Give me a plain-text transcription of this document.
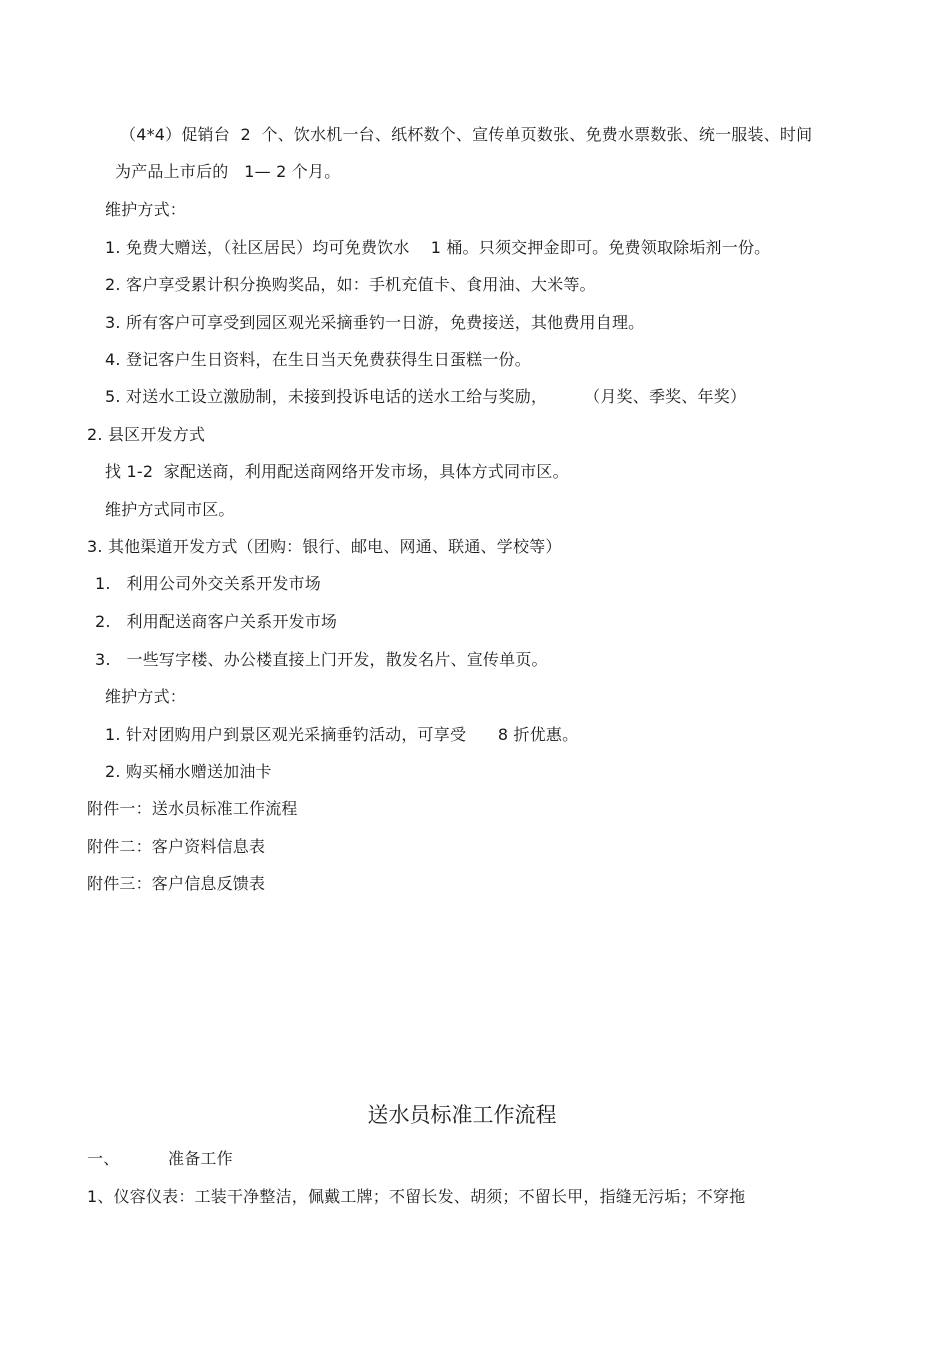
（4*4）促销台  2  个、饮水机一台、纸杯数个、宣传单页数张、免费水票数张、统一服装、时间
为产品上市后的   1— 2 个月。
维护方式：
1. 免费大赠送，（社区居民）均可免费饮水    1 桶。只须交押金即可。免费领取除垢剂一份。
2. 客户享受累计积分换购奖品，如：手机充值卡、食用油、大米等。
3. 所有客户可享受到园区观光采摘垂钓一日游，免费接送，其他费用自理。
4. 登记客户生日资料，在生日当天免费获得生日蛋糕一份。
5. 对送水工设立激励制，未接到投诉电话的送水工给与奖励，       （月奖、季奖、年奖）
2. 县区开发方式
找 1-2  家配送商，利用配送商网络开发市场，具体方式同市区。
维护方式同市区。
3. 其他渠道开发方式（团购：银行、邮电、网通、联通、学校等）
1.   利用公司外交关系开发市场
2.   利用配送商客户关系开发市场
3.   一些写字楼、办公楼直接上门开发，散发名片、宣传单页。
维护方式：
1. 针对团购用户到景区观光采摘垂钓活动，可享受      8 折优惠。
2. 购买桶水赠送加油卡
附件一：送水员标准工作流程
附件二：客户资料信息表
附件三：客户信息反馈表
送水员标准工作流程
一、	准备工作
1、仪容仪表：工装干净整洁，佩戴工牌；不留长发、胡须；不留长甲，指缝无污垢；不穿拖
